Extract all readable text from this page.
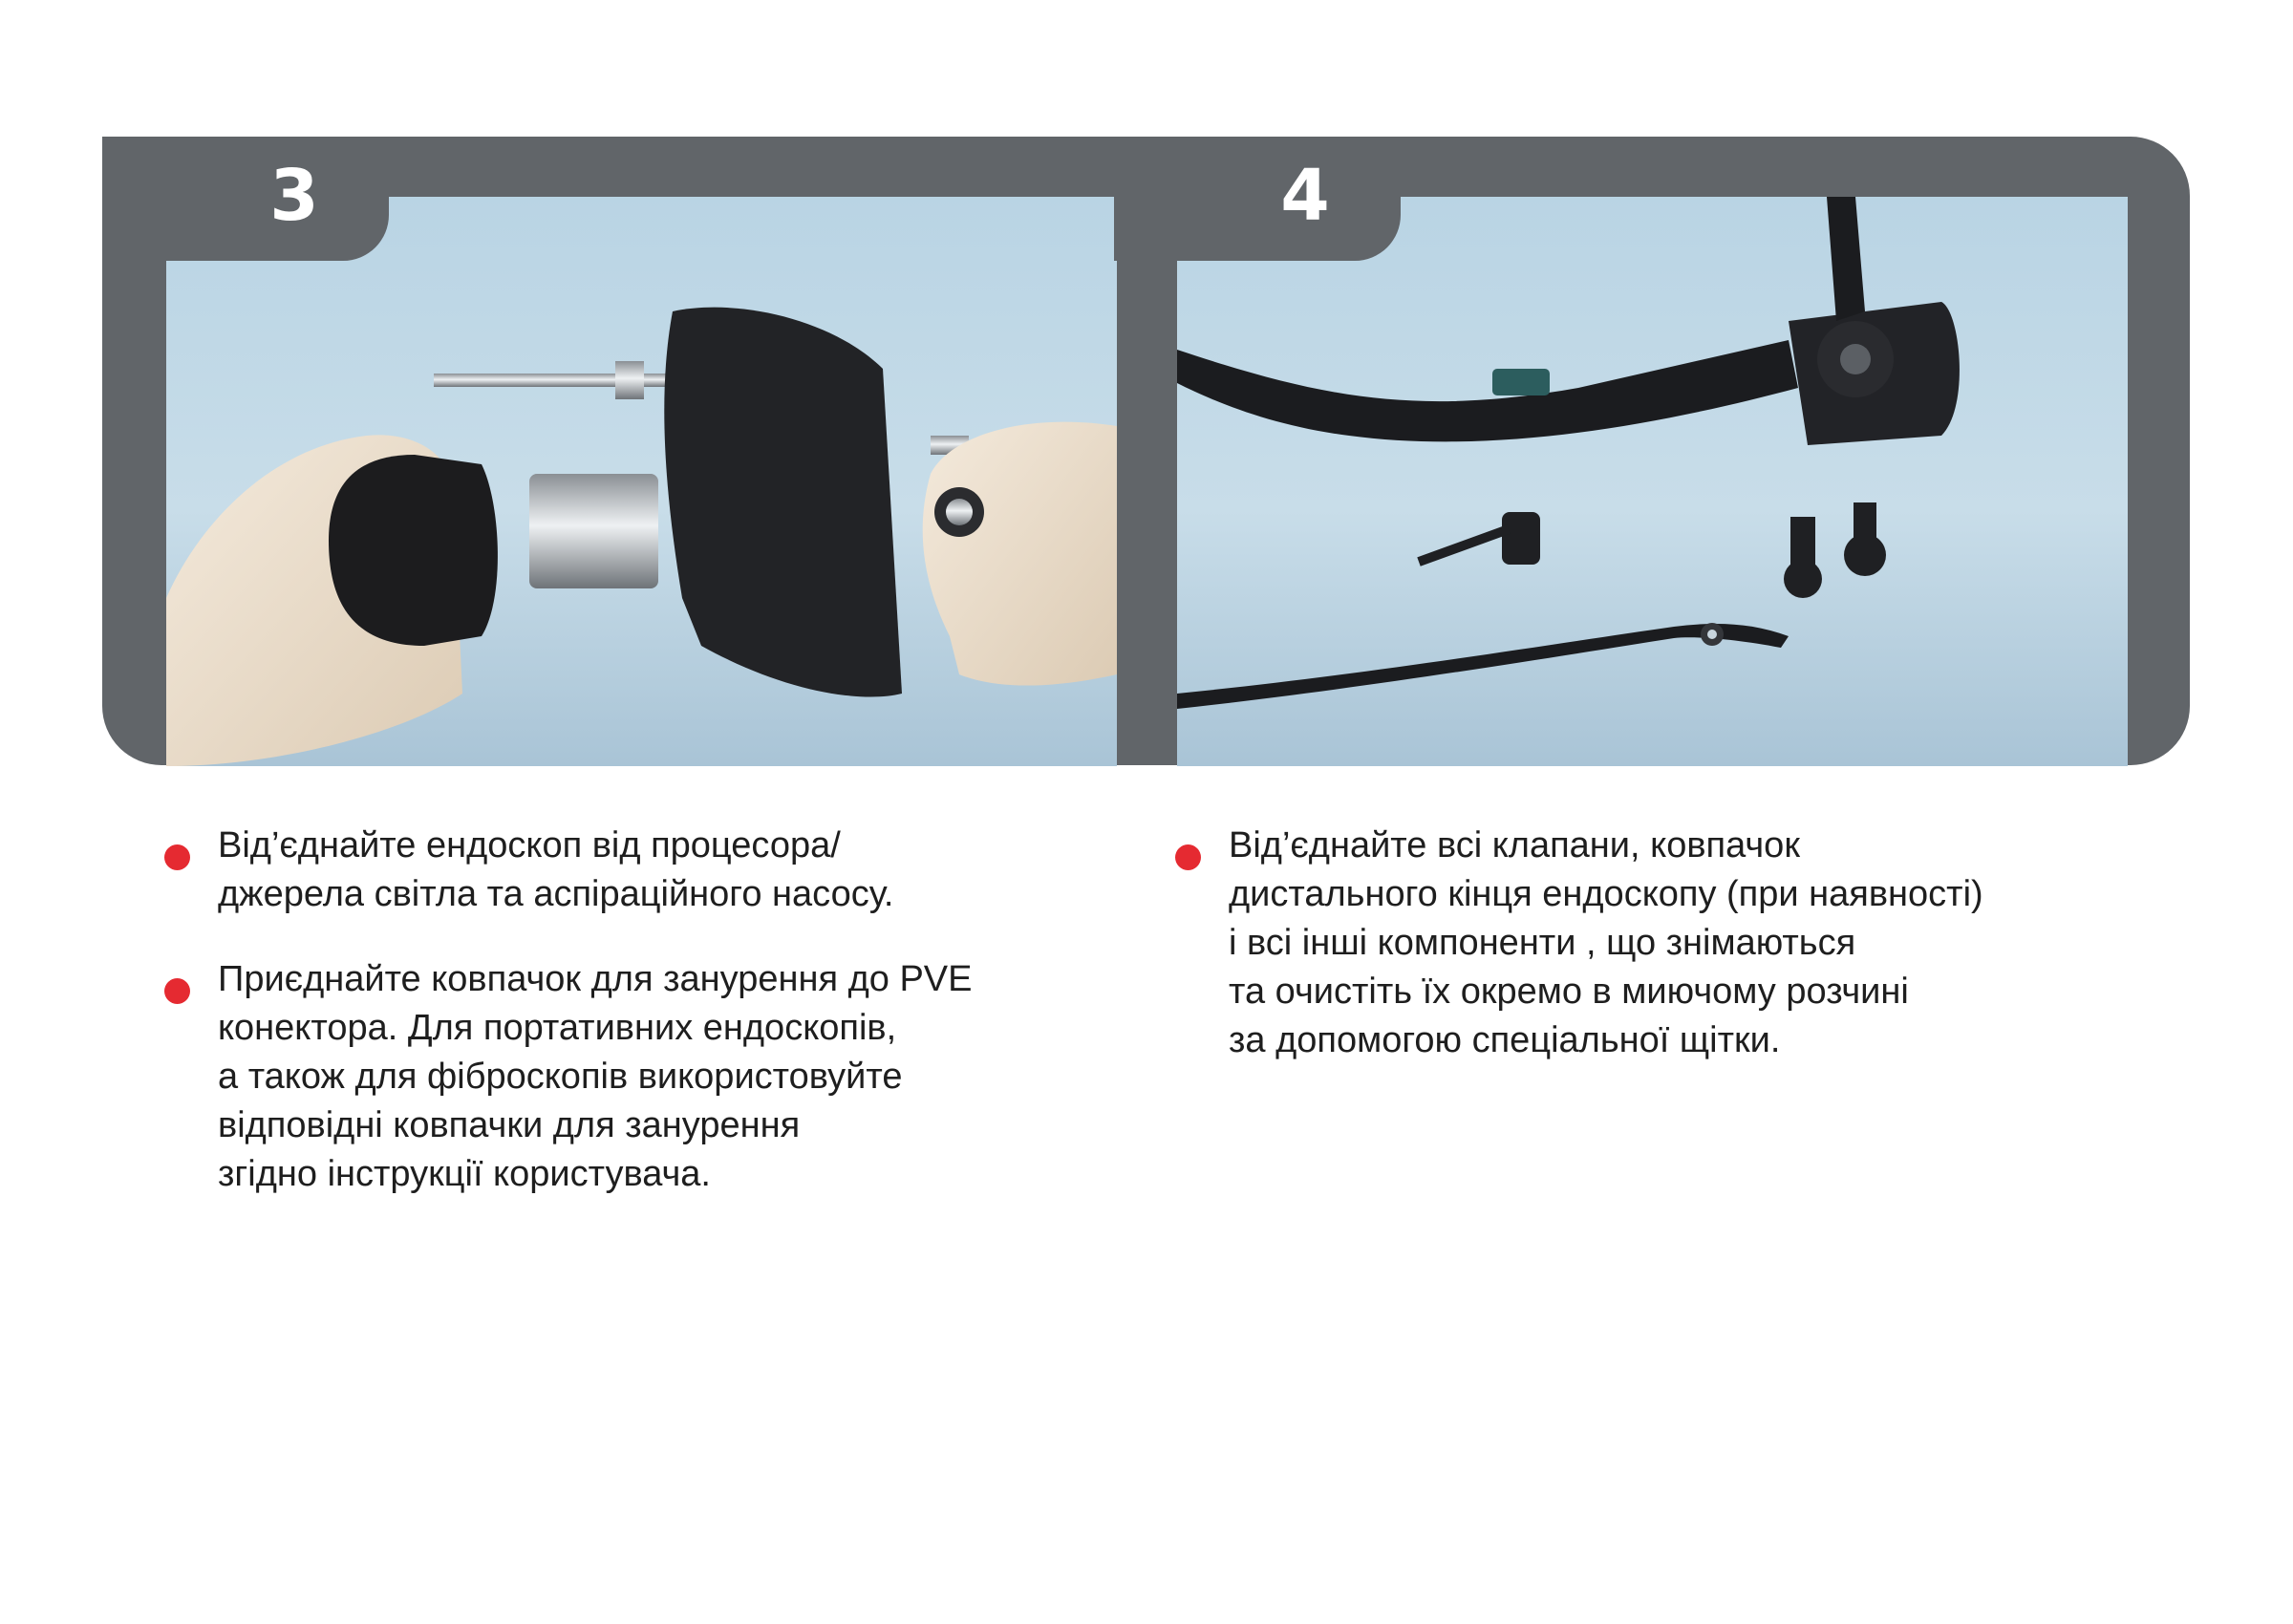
3	4
Від’єднайте ендоскоп від процесора/
джерела світла та аспіраційного насосу.
Приєднайте ковпачок для занурення до PVE
конектора. Для портативних ендоскопів,
а також для фіброскопів використовуйте
відповідні ковпачки для занурення
згідно інструкції користувача.
Від’єднайте всі клапани, ковпачок
дистального кінця ендоскопу (при наявності)
і всі інші компоненти , що знімаються
та очистіть їх окремо в миючому розчині
за допомогою спеціальної щітки.
